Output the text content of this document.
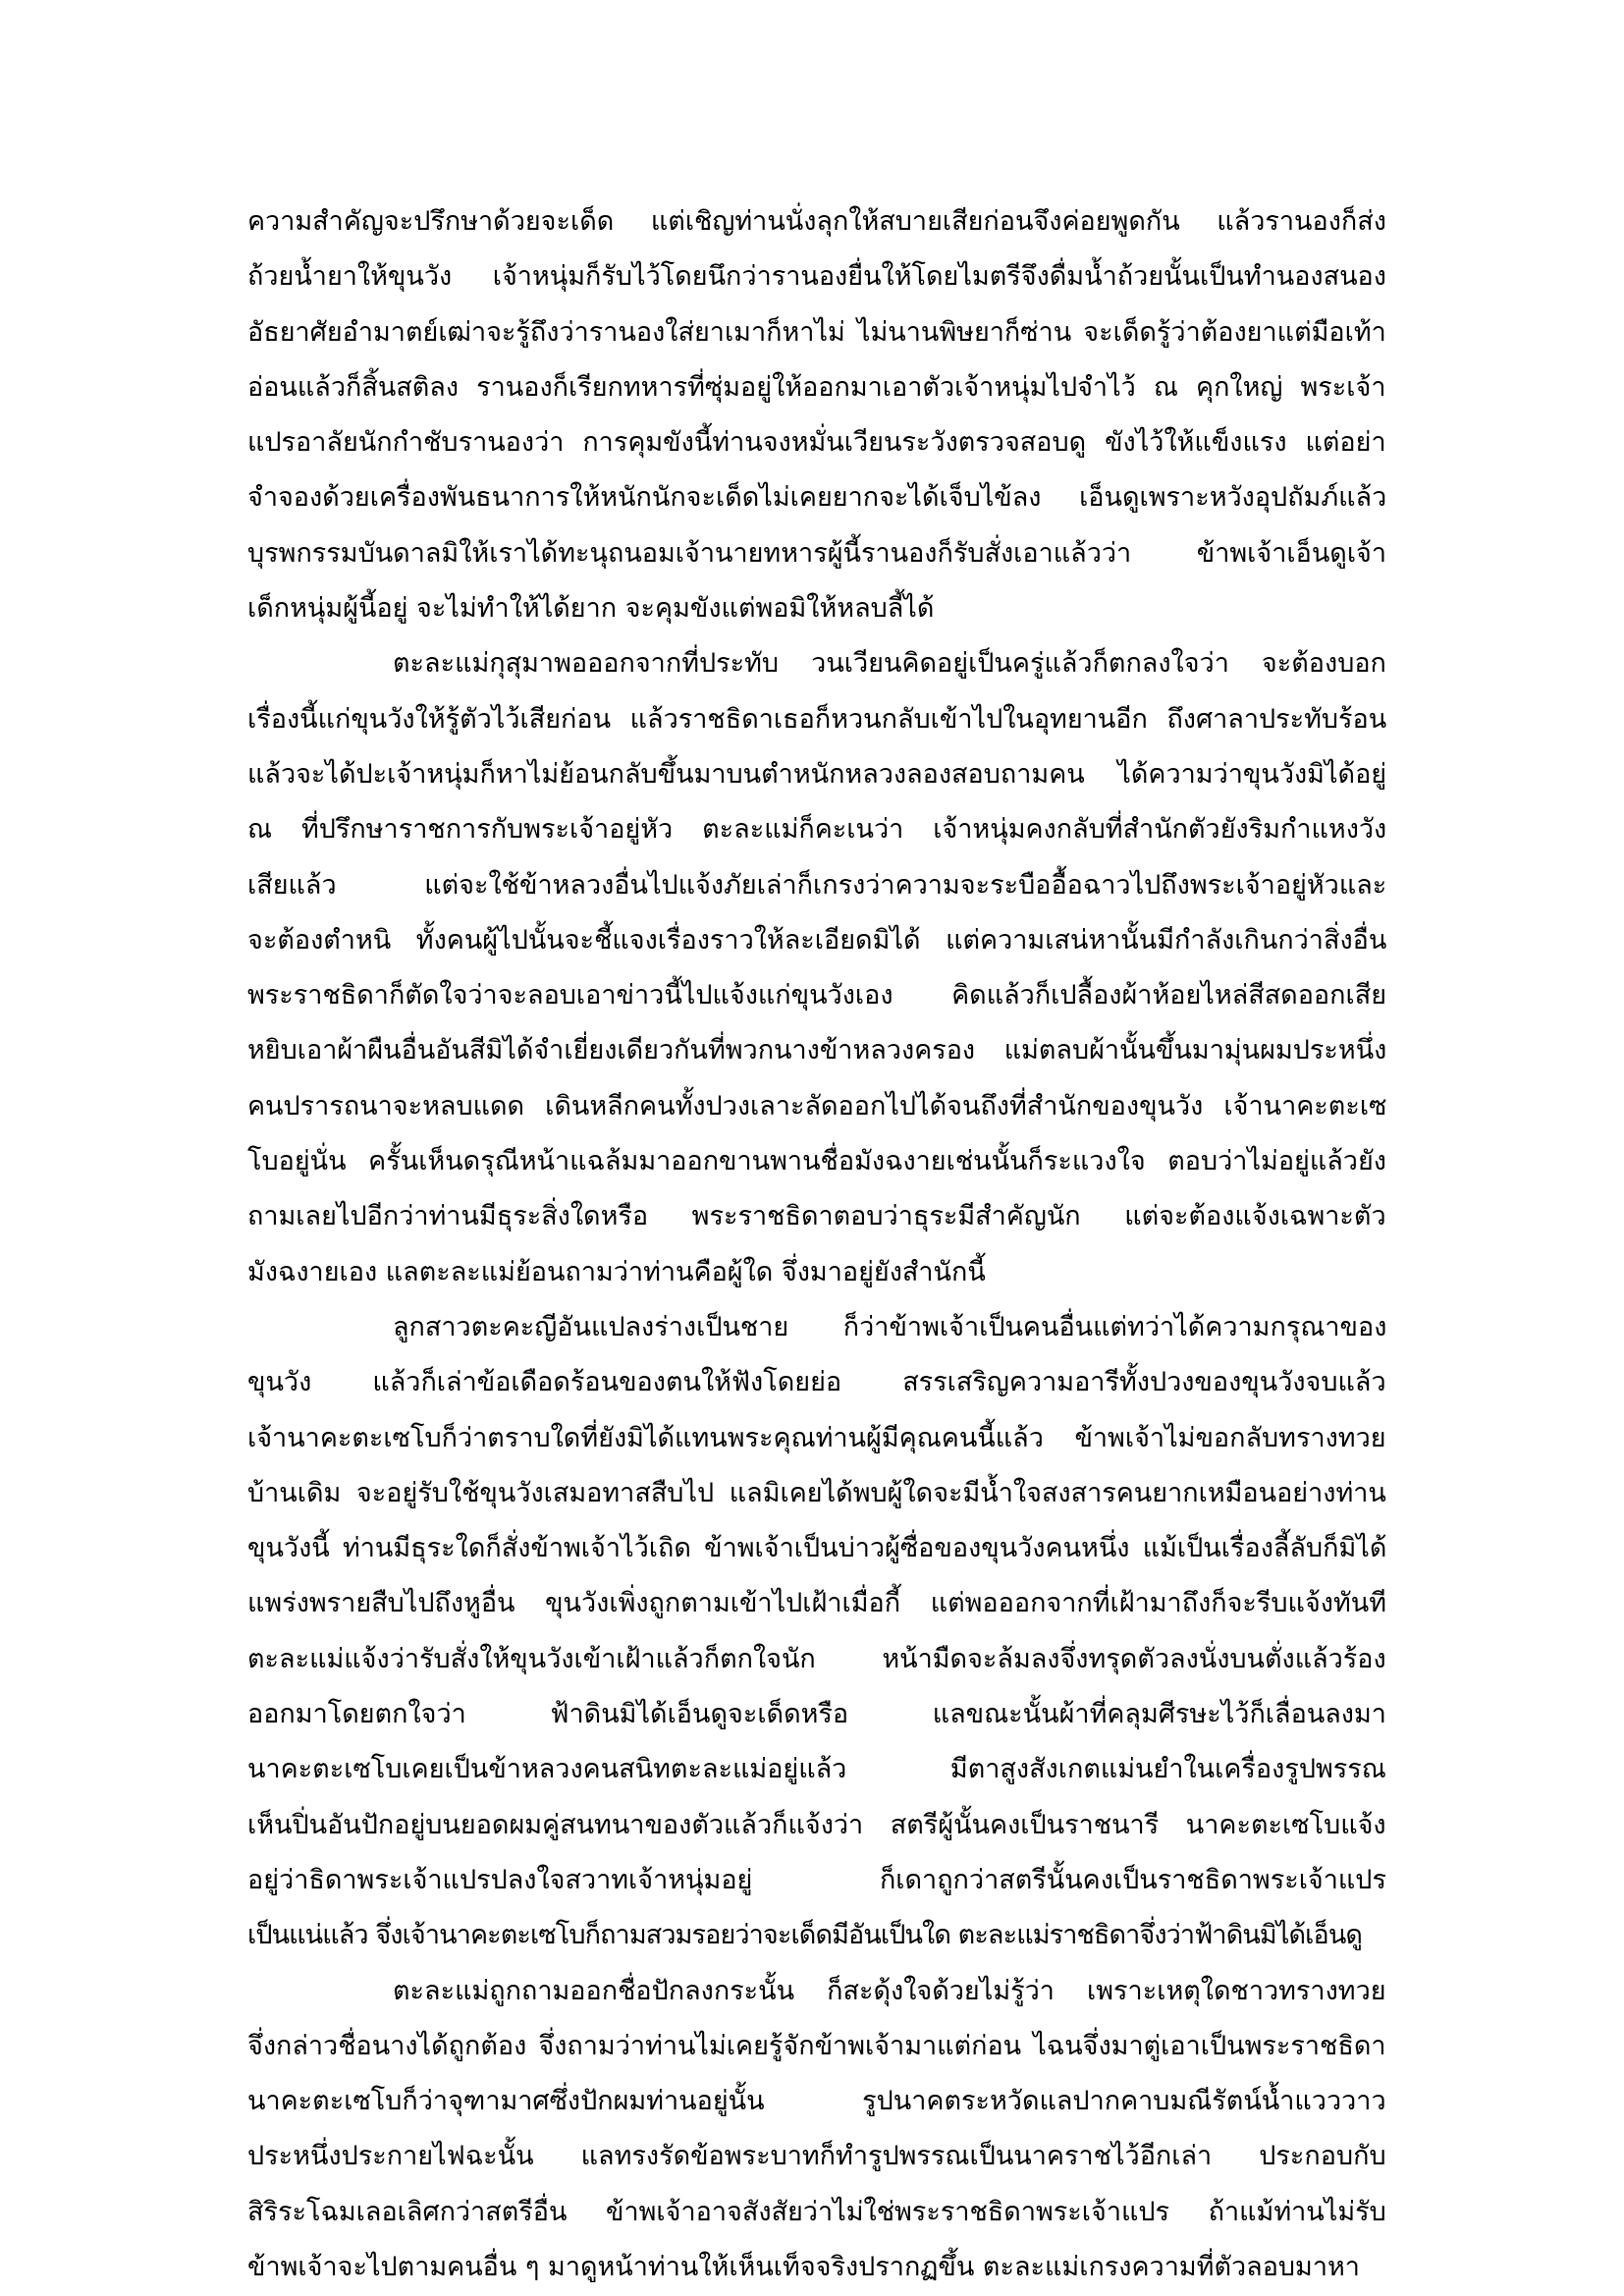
ความสำคัญจะปรึกษาด้วยจะเด็ด แต่เชิญท่านนั่งลุกให้สบายเสียก่อนจึงค่อยพูดกัน แล้วรานองก็ส่ง
ถ้วยน้ำยาให้ขุนวัง เจ้าหนุ่มก็รับไว้โดยนึกว่ารานองยื่นให้โดยไมตรีจึงดื่มน้ำถ้วยนั้นเป็นทำนองสนอง
อัธยาศัยอำมาตย์เฒ่าจะรู้ถึงว่ารานองใส่ยาเมาก็หาไม่ ไม่นานพิษยาก็ซ่าน จะเด็ดรู้ว่าต้องยาแต่มือเท้า
อ่อนแล้วก็สิ้นสติลง รานองก็เรียกทหารที่ซุ่มอยู่ให้ออกมาเอาตัวเจ้าหนุ่มไปจำไว้ ณ คุกใหญ่ พระเจ้า
แปรอาลัยนักกำชับรานองว่า การคุมขังนี้ท่านจงหมั่นเวียนระวังตรวจสอบดู ขังไว้ให้แข็งแรง แต่อย่า
จำจองด้วยเครื่องพันธนาการให้หนักนักจะเด็ดไม่เคยยากจะได้เจ็บไข้ลง เอ็นดูเพราะหวังอุปถัมภ์แล้ว
บุรพกรรมบันดาลมิให้เราได้ทะนุถนอมเจ้านายทหารผู้นี้รานองก็รับสั่งเอาแล้วว่า ข้าพเจ้าเอ็นดูเจ้า
เด็กหนุ่มผู้นี้อยู่ จะไม่ทำให้ได้ยาก จะคุมขังแต่พอมิให้หลบลี้ได้
ตะละแม่กุสุมาพอออกจากที่ประทับ วนเวียนคิดอยู่เป็นครู่แล้วก็ตกลงใจว่า จะต้องบอก
เรื่องนี้แก่ขุนวังให้รู้ตัวไว้เสียก่อน แล้วราชธิดาเธอก็หวนกลับเข้าไปในอุทยานอีก ถึงศาลาประทับร้อน
แล้วจะได้ปะเจ้าหนุ่มก็หาไม่ย้อนกลับขึ้นมาบนตำหนักหลวงลองสอบถามคน ได้ความว่าขุนวังมิได้อยู่
ณ ที่ปรึกษาราชการกับพระเจ้าอยู่หัว ตะละแม่ก็คะเนว่า เจ้าหนุ่มคงกลับที่สำนักตัวยังริมกำแหงวัง
เสียแล้ว แต่จะใช้ข้าหลวงอื่นไปแจ้งภัยเล่าก็เกรงว่าความจะระบืออื้อฉาวไปถึงพระเจ้าอยู่หัวและ
จะต้องตำหนิ ทั้งคนผู้ไปนั้นจะชี้แจงเรื่องราวให้ละเอียดมิได้ แต่ความเสน่หานั้นมีกำลังเกินกว่าสิ่งอื่น
พระราชธิดาก็ตัดใจว่าจะลอบเอาข่าวนี้ไปแจ้งแก่ขุนวังเอง คิดแล้วก็เปลื้องผ้าห้อยไหล่สีสดออกเสีย
หยิบเอาผ้าผืนอื่นอันสีมิได้จำเยี่ยงเดียวกันที่พวกนางข้าหลวงครอง แม่ตลบผ้านั้นขึ้นมามุ่นผมประหนึ่ง
คนปรารถนาจะหลบแดด เดินหลีกคนทั้งปวงเลาะลัดออกไปได้จนถึงที่สำนักของขุนวัง เจ้านาคะตะเซ
โบอยู่นั่น ครั้นเห็นดรุณีหน้าแฉล้มมาออกขานพานชื่อมังฉงายเช่นนั้นก็ระแวงใจ ตอบว่าไม่อยู่แล้วยัง
ถามเลยไปอีกว่าท่านมีธุระสิ่งใดหรือ พระราชธิดาตอบว่าธุระมีสำคัญนัก แต่จะต้องแจ้งเฉพาะตัว
มังฉงายเอง แลตะละแม่ย้อนถามว่าท่านคือผู้ใด จึ่งมาอยู่ยังสำนักนี้
ลูกสาวตะคะญีอันแปลงร่างเป็นชาย ก็ว่าข้าพเจ้าเป็นคนอื่นแต่ทว่าได้ความกรุณาของ
ขุนวัง แล้วก็เล่าข้อเดือดร้อนของตนให้ฟังโดยย่อ สรรเสริญความอารีทั้งปวงของขุนวังจบแล้ว
เจ้านาคะตะเซโบก็ว่าตราบใดที่ยังมิได้แทนพระคุณท่านผู้มีคุณคนนี้แล้ว ข้าพเจ้าไม่ขอกลับทรางทวย
บ้านเดิม จะอยู่รับใช้ขุนวังเสมอทาสสืบไป แลมิเคยได้พบผู้ใดจะมีน้ำใจสงสารคนยากเหมือนอย่างท่าน
ขุนวังนี้ ท่านมีธุระใดก็สั่งข้าพเจ้าไว้เถิด ข้าพเจ้าเป็นบ่าวผู้ซื่อของขุนวังคนหนึ่ง แม้เป็นเรื่องลี้ลับก็มิได้
แพร่งพรายสืบไปถึงหูอื่น ขุนวังเพิ่งถูกตามเข้าไปเฝ้าเมื่อกี้ แต่พอออกจากที่เฝ้ามาถึงก็จะรีบแจ้งทันที
ตะละแม่แจ้งว่ารับสั่งให้ขุนวังเข้าเฝ้าแล้วก็ตกใจนัก หน้ามืดจะล้มลงจึ่งทรุดตัวลงนั่งบนตั่งแล้วร้อง
ออกมาโดยตกใจว่า ฟ้าดินมิได้เอ็นดูจะเด็ดหรือ แลขณะนั้นผ้าที่คลุมศีรษะไว้ก็เลื่อนลงมา
นาคะตะเซโบเคยเป็นข้าหลวงคนสนิทตะละแม่อยู่แล้ว มีตาสูงสังเกตแม่นยำในเครื่องรูปพรรณ
เห็นปิ่นอันปักอยู่บนยอดผมคู่สนทนาของตัวแล้วก็แจ้งว่า สตรีผู้นั้นคงเป็นราชนารี นาคะตะเซโบแจ้ง
อยู่ว่าธิดาพระเจ้าแปรปลงใจสวาทเจ้าหนุ่มอยู่ ก็เดาถูกว่าสตรีนั้นคงเป็นราชธิดาพระเจ้าแปร
เป็นแน่แล้ว จึ่งเจ้านาคะตะเซโบก็ถามสวมรอยว่าจะเด็ดมีอันเป็นใด ตะละแม่ราชธิดาจึ่งว่าฟ้าดินมิได้เอ็นดู
ตะละแม่ถูกถามออกชื่อปักลงกระนั้น ก็สะดุ้งใจด้วยไม่รู้ว่า เพราะเหตุใดชาวทรางทวย
จึ่งกล่าวชื่อนางได้ถูกต้อง จึ่งถามว่าท่านไม่เคยรู้จักข้าพเจ้ามาแต่ก่อน ไฉนจึ่งมาตู่เอาเป็นพระราชธิดา
นาคะตะเซโบก็ว่าจุฑามาศซึ่งปักผมท่านอยู่นั้น รูปนาคตระหวัดแลปากคาบมณีรัตน์น้ำแวววาว
ประหนึ่งประกายไฟฉะนั้น แลทรงรัดข้อพระบาทก็ทำรูปพรรณเป็นนาคราชไว้อีกเล่า ประกอบกับ
สิริระโฉมเลอเลิศกว่าสตรีอื่น ข้าพเจ้าอาจสังสัยว่าไม่ใช่พระราชธิดาพระเจ้าแปร ถ้าแม้ท่านไม่รับ
ข้าพเจ้าจะไปตามคนอื่น ๆ มาดูหน้าท่านให้เห็นเท็จจริงปรากฏขึ้น ตะละแม่เกรงความที่ตัวลอบมาหา
